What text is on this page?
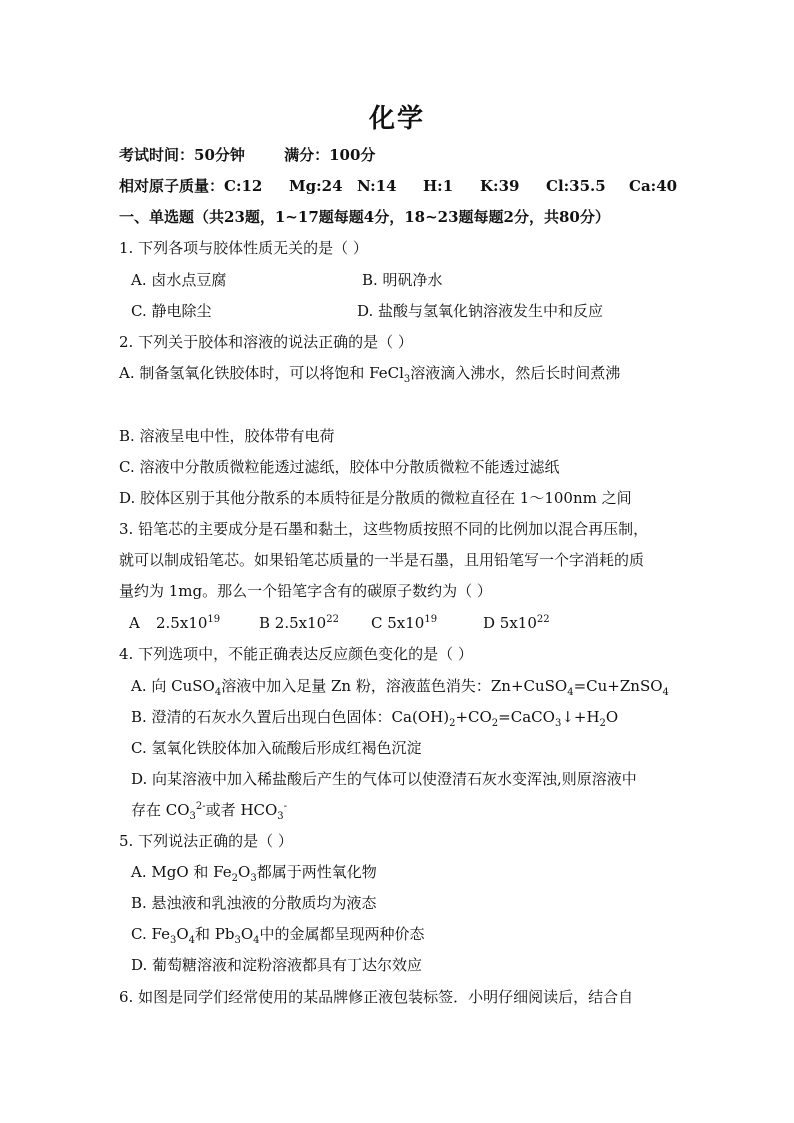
化学
考试时间：50分钟	满分：100分
相对原子质量：C:12 Mg:24 N:14 H:1 K:39 Cl:35.5 Ca:40
一、单选题（共23题，1~17题每题4分，18~23题每题2分，共80分）
1. 下列各项与胶体性质无关的是（ ）
A. 卤水点豆腐	B. 明矾净水
C. 静电除尘	D. 盐酸与氢氧化钠溶液发生中和反应
2. 下列关于胶体和溶液的说法正确的是（ ）
A. 制备氢氧化铁胶体时，可以将饱和 FeCl$_3$溶液滴入沸水，然后长时间煮沸
B. 溶液呈电中性，胶体带有电荷
C. 溶液中分散质微粒能透过滤纸，胶体中分散质微粒不能透过滤纸
D. 胶体区别于其他分散系的本质特征是分散质的微粒直径在 1～100nm 之间
3. 铅笔芯的主要成分是石墨和黏土，这些物质按照不同的比例加以混合再压制，
就可以制成铅笔芯。如果铅笔芯质量的一半是石墨，且用铅笔写一个字消耗的质
量约为 1mg。那么一个铅笔字含有的碳原子数约为（ ）
A $2.5x10^{19}$	B $2.5x10^{22}$ C $5x10^{19}$	D $5x10^{22}$
4. 下列选项中，不能正确表达反应颜色变化的是（ ）
A. 向 CuSO$_4$溶液中加入足量 Zn 粉，溶液蓝色消失：Zn+CuSO$_4$=Cu+ZnSO$_4$
B. 澄清的石灰水久置后出现白色固体：$Ca(OH)_2+CO_2=CaCO_3↓+H_2O$
C. 氢氧化铁胶体加入硫酸后形成红褐色沉淀
D. 向某溶液中加入稀盐酸后产生的气体可以使澄清石灰水变浑浊,则原溶液中
存在 $CO_3^{2-}$或者 $HCO_3^-$
5. 下列说法正确的是（ ）
A. MgO 和 $Fe_2O_3$都属于两性氧化物
B. 悬浊液和乳浊液的分散质均为液态
C. $Fe_3O_4$和 $Pb_3O_4$中的金属都呈现两种价态
D. 葡萄糖溶液和淀粉溶液都具有丁达尔效应
6. 如图是同学们经常使用的某品牌修正液包装标签．小明仔细阅读后，结合自
